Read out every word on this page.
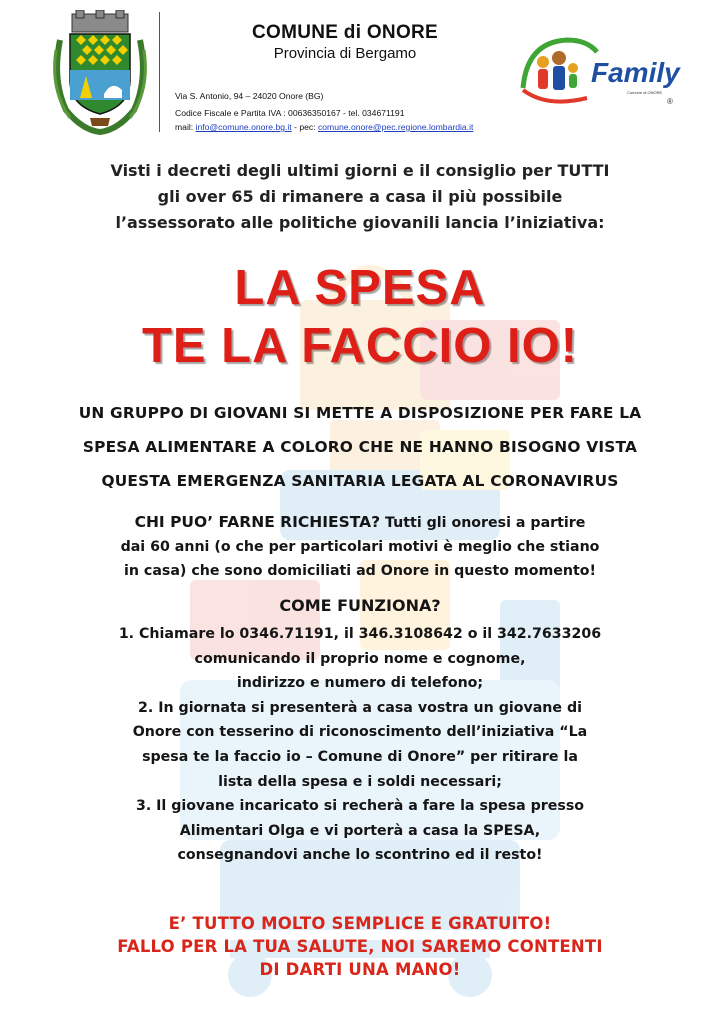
COMUNE di ONORE
Provincia di Bergamo
Via S. Antonio, 94 – 24020 Onore (BG)
Codice Fiscale e Partita IVA : 00636350167 - tel. 034671191
mail: info@comune.onore.bg.it - pec: comune.onore@pec.regione.lombardia.it
Family
Comune di ONORE
®
Visti i decreti degli ultimi giorni e il consiglio per TUTTI
gli over 65 di rimanere a casa il più possibile
l’assessorato alle politiche giovanili lancia l’iniziativa:
LA SPESA
TE LA FACCIO IO!
UN GRUPPO DI GIOVANI SI METTE A DISPOSIZIONE PER FARE LA
SPESA ALIMENTARE A COLORO CHE NE HANNO BISOGNO VISTA
QUESTA EMERGENZA SANITARIA LEGATA AL CORONAVIRUS
CHI PUO’ FARNE RICHIESTA? Tutti gli onoresi a partire
dai 60 anni (o che per particolari motivi è meglio che stiano
in casa) che sono domiciliati ad Onore in questo momento!
COME FUNZIONA?
1. Chiamare lo 0346.71191, il 346.3108642 o il 342.7633206
comunicando il proprio nome e cognome,
indirizzo e numero di telefono;
2. In giornata si presenterà a casa vostra un giovane di
Onore con tesserino di riconoscimento dell’iniziativa “La
spesa te la faccio io – Comune di Onore” per ritirare la
lista della spesa e i soldi necessari;
3. Il giovane incaricato si recherà a fare la spesa presso
Alimentari Olga e vi porterà a casa la SPESA,
consegnandovi anche lo scontrino ed il resto!
E’ TUTTO MOLTO SEMPLICE E GRATUITO!
FALLO PER LA TUA SALUTE, NOI SAREMO CONTENTI
DI DARTI UNA MANO!
